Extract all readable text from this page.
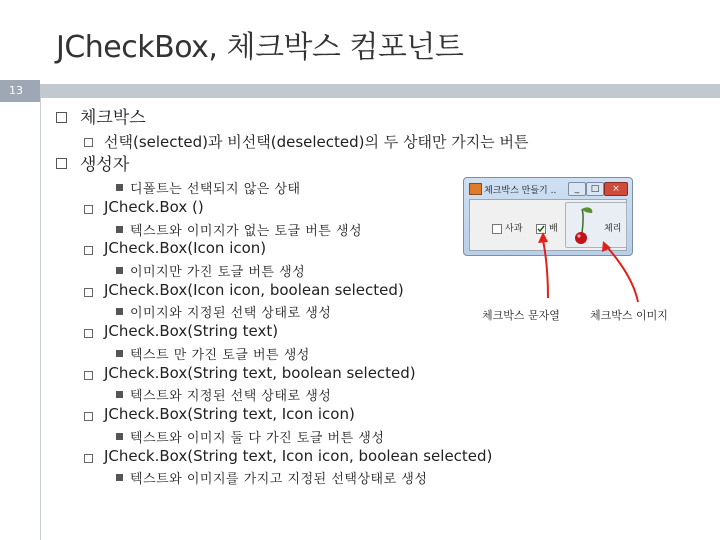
JCheckBox, 체크박스 컴포넌트
13
체크박스
선택(selected)과 비선택(deselected)의 두 상태만 가지는 버튼
생성자
디폴트는 선택되지 않은 상태
JCheck.Box ()
텍스트와 이미지가 없는 토글 버튼 생성
JCheck.Box(Icon icon)
이미지만 가진 토글 버튼 생성
JCheck.Box(Icon icon, boolean selected)
이미지와 지정된 선택 상태로 생성
JCheck.Box(String text)
텍스트 만 가진 토글 버튼 생성
JCheck.Box(String text, boolean selected)
텍스트와 지정된 선택 상태로 생성
JCheck.Box(String text, Icon icon)
텍스트와 이미지 둘 다 가진 토글 버튼 생성
JCheck.Box(String text, Icon icon, boolean selected)
텍스트와 이미지를 가지고 지정된 선택상태로 생성
체크박스 만들기 ..	_	□	×
사과	배	체리
체크박스 문자열	체크박스 이미지
